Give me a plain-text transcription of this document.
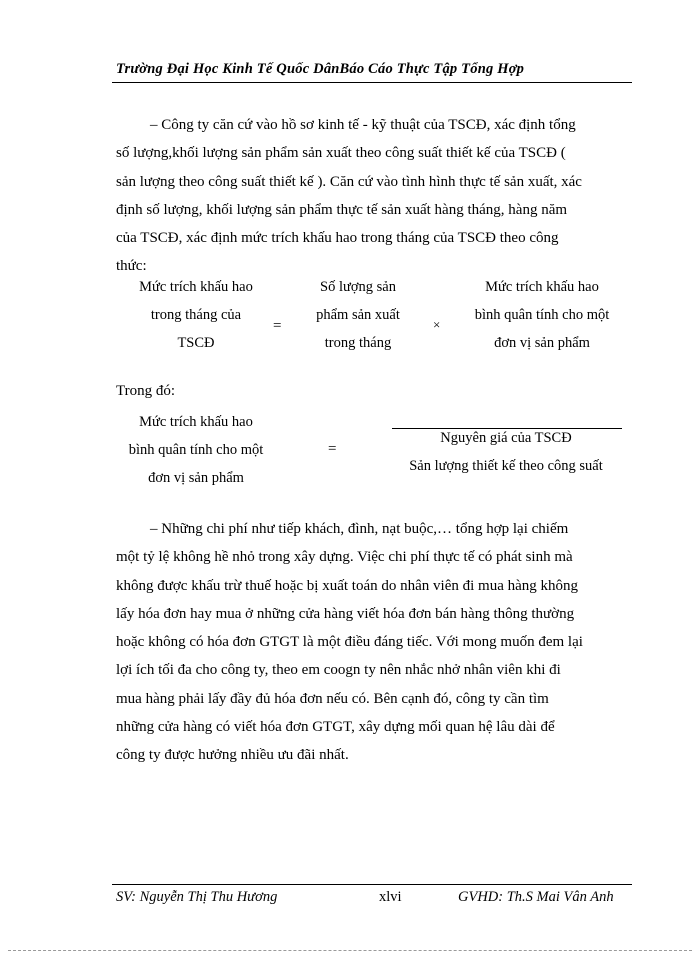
Trường Đại Học Kinh Tế Quốc DânBáo Cáo Thực Tập Tổng Hợp
– Công ty căn cứ vào hồ sơ kinh tế - kỹ thuật của TSCĐ, xác định tổng
số lượng,khối lượng sản phẩm sản xuất theo công suất thiết kế của TSCĐ (
sản lượng theo công suất thiết kế ). Căn cứ vào tình hình thực tế sản xuất, xác
định số lượng, khối lượng sản phẩm thực tế sản xuất hàng tháng, hàng năm
của TSCĐ, xác định mức trích khấu hao trong tháng của TSCĐ theo công
thức:
Mức trích khấu hao
trong tháng của
TSCĐ
=
Số lượng sản
phẩm sản xuất
trong tháng
×
Mức trích khấu hao
bình quân tính cho một
đơn vị sản phẩm
Trong đó:
Mức trích khấu hao
bình quân tính cho một
đơn vị sản phẩm
=
Nguyên giá của TSCĐ
Sản lượng thiết kế theo công suất
– Những chi phí như tiếp khách, đình, nạt buộc,… tổng hợp lại chiếm
một tỷ lệ không hề nhỏ trong xây dựng. Việc chi phí thực tế có phát sinh mà
không được khấu trừ thuế hoặc bị xuất toán do nhân viên đi mua hàng không
lấy hóa đơn hay mua ở những cửa hàng viết hóa đơn bán hàng thông thường
hoặc không có hóa đơn GTGT là một điều đáng tiếc. Với mong muốn đem lại
lợi ích tối đa cho công ty, theo em coogn ty nên nhắc nhở nhân viên khi đi
mua hàng phải lấy đầy đủ hóa đơn nếu có. Bên cạnh đó, công ty cần tìm
những cửa hàng có viết hóa đơn GTGT, xây dựng mối quan hệ lâu dài để
công ty được hưởng nhiều ưu đãi nhất.
SV: Nguyễn Thị Thu Hương	xlvi	GVHD: Th.S Mai Vân Anh
